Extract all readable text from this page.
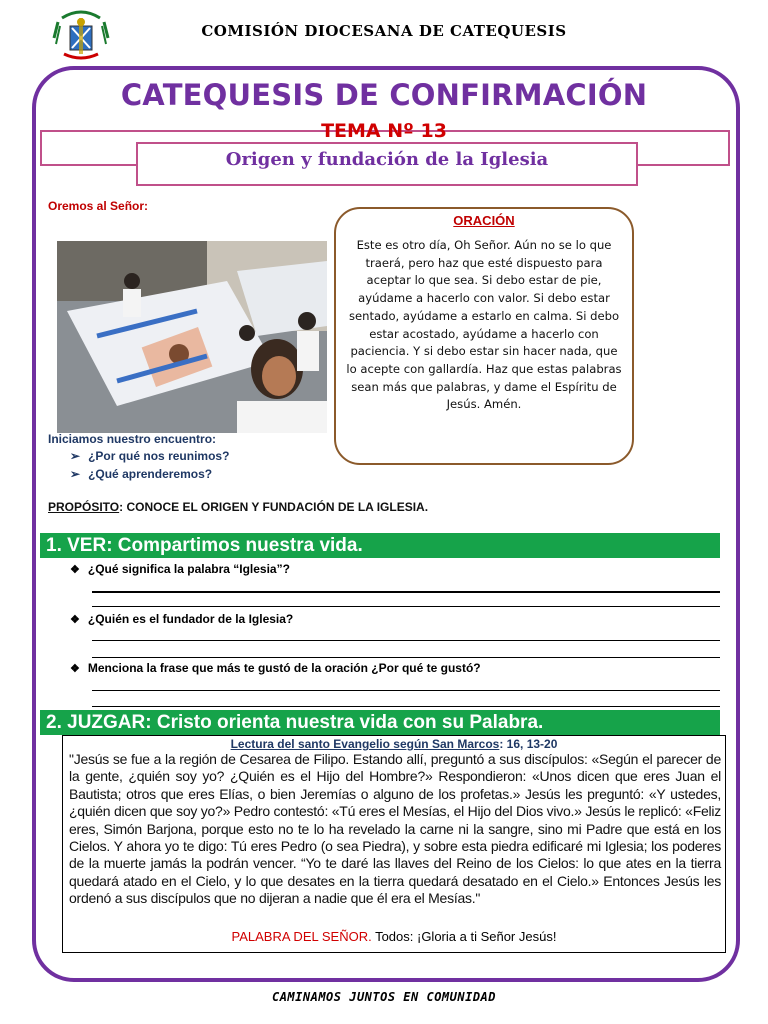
COMISIÓN DIOCESANA DE CATEQUESIS
CATEQUESIS DE CONFIRMACIÓN
TEMA Nº 13
Origen y fundación de la Iglesia
Oremos al Señor:
ORACIÓN
Este es otro día, Oh Señor. Aún no se lo que traerá, pero haz que esté dispuesto para aceptar lo que sea. Si debo estar de pie, ayúdame a hacerlo con valor. Si debo estar sentado, ayúdame a estarlo en calma. Si debo estar acostado, ayúdame a hacerlo con paciencia. Y si debo estar sin hacer nada, que lo acepte con gallardía. Haz que estas palabras sean más que palabras, y dame el Espíritu de Jesús. Amén.
Iniciamos nuestro encuentro:
➢ ¿Por qué nos reunimos?
➢ ¿Qué aprenderemos?
PROPÓSITO: CONOCE EL ORIGEN Y FUNDACIÓN DE LA IGLESIA.
1. VER: Compartimos nuestra vida.
❖ ¿Qué significa la palabra “Iglesia”?
❖ ¿Quién es el fundador de la Iglesia?
❖ Menciona la frase que más te gustó de la oración ¿Por qué te gustó?
2. JUZGAR: Cristo orienta nuestra vida con su Palabra.
Lectura del santo Evangelio según San Marcos: 16, 13-20
"Jesús se fue a la región de Cesarea de Filipo. Estando allí, preguntó a sus discípulos: «Según el parecer de la gente, ¿quién soy yo? ¿Quién es el Hijo del Hombre?» Respondieron: «Unos dicen que eres Juan el Bautista; otros que eres Elías, o bien Jeremías o alguno de los profetas.» Jesús les preguntó: «Y ustedes, ¿quién dicen que soy yo?» Pedro contestó: «Tú eres el Mesías, el Hijo del Dios vivo.» Jesús le replicó: «Feliz eres, Simón Barjona, porque esto no te lo ha revelado la carne ni la sangre, sino mi Padre que está en los Cielos. Y ahora yo te digo: Tú eres Pedro (o sea Piedra), y sobre esta piedra edificaré mi Iglesia; los poderes de la muerte jamás la podrán vencer. “Yo te daré las llaves del Reino de los Cielos: lo que ates en la tierra quedará atado en el Cielo, y lo que desates en la tierra quedará desatado en el Cielo.» Entonces Jesús les ordenó a sus discípulos que no dijeran a nadie que él era el Mesías."
PALABRA DEL SEÑOR. Todos: ¡Gloria a ti Señor Jesús!
CAMINAMOS JUNTOS EN COMUNIDAD
